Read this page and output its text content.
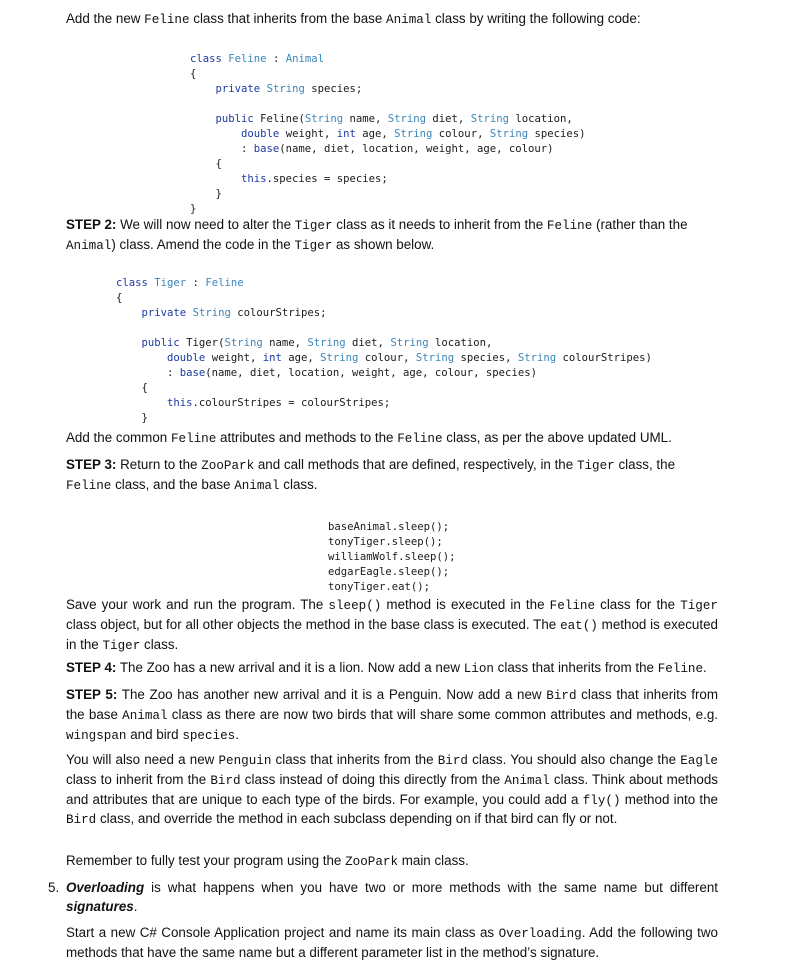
Add the new Feline class that inherits from the base Animal class by writing the following code:

class Feline : Animal
{
private String species;

public Feline(String name, String diet, String location,
double weight, int age, String colour, String species)
: base(name, diet, location, weight, age, colour)
{
this.species = species;
}
}

STEP 2: We will now need to alter the Tiger class as it needs to inherit from the Feline (rather than the Animal) class. Amend the code in the Tiger as shown below.

class Tiger : Feline
{
private String colourStripes;

public Tiger(String name, String diet, String location,
double weight, int age, String colour, String species, String colourStripes)
: base(name, diet, location, weight, age, colour, species)
{
this.colourStripes = colourStripes;
}

Add the common Feline attributes and methods to the Feline class, as per the above updated UML.

STEP 3: Return to the ZooPark and call methods that are defined, respectively, in the Tiger class, the Feline class, and the base Animal class.

baseAnimal.sleep();
tonyTiger.sleep();
williamWolf.sleep();
edgarEagle.sleep();
tonyTiger.eat();

Save your work and run the program. The sleep() method is executed in the Feline class for the Tiger class object, but for all other objects the method in the base class is executed. The eat() method is executed in the Tiger class.

STEP 4: The Zoo has a new arrival and it is a lion. Now add a new Lion class that inherits from the Feline.

STEP 5: The Zoo has another new arrival and it is a Penguin. Now add a new Bird class that inherits from the base Animal class as there are now two birds that will share some common attributes and methods, e.g. wingspan and bird species.

You will also need a new Penguin class that inherits from the Bird class. You should also change the Eagle class to inherit from the Bird class instead of doing this directly from the Animal class. Think about methods and attributes that are unique to each type of the birds. For example, you could add a fly() method into the Bird class, and override the method in each subclass depending on if that bird can fly or not.

Remember to fully test your program using the ZooPark main class.

5. Overloading is what happens when you have two or more methods with the same name but different signatures.

Start a new C# Console Application project and name its main class as Overloading. Add the following two methods that have the same name but a different parameter list in the method’s signature.
